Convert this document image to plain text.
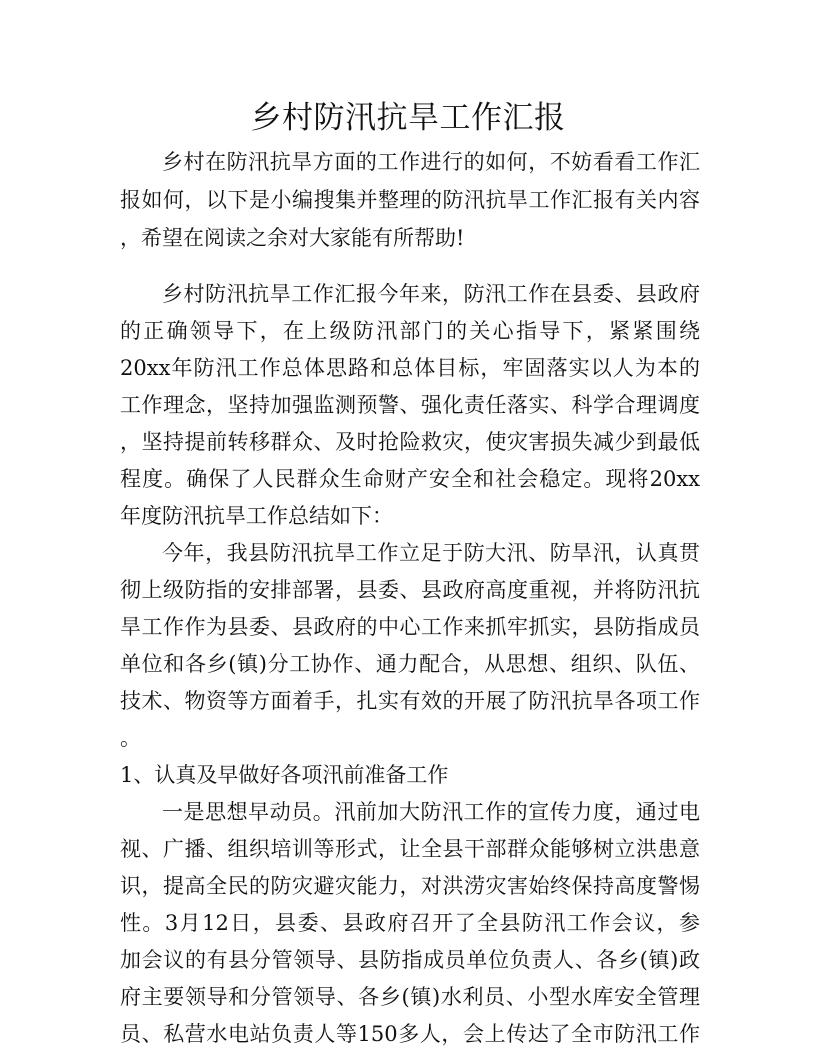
乡村防汛抗旱工作汇报
乡村在防汛抗旱方面的工作进行的如何，不妨看看工作汇
报如何，以下是小编搜集并整理的防汛抗旱工作汇报有关内容
，希望在阅读之余对大家能有所帮助!
乡村防汛抗旱工作汇报今年来，防汛工作在县委、县政府
的正确领导下，在上级防汛部门的关心指导下，紧紧围绕
20xx年防汛工作总体思路和总体目标，牢固落实以人为本的
工作理念，坚持加强监测预警、强化责任落实、科学合理调度
，坚持提前转移群众、及时抢险救灾，使灾害损失减少到最低
程度。确保了人民群众生命财产安全和社会稳定。现将20xx
年度防汛抗旱工作总结如下：
今年，我县防汛抗旱工作立足于防大汛、防旱汛，认真贯
彻上级防指的安排部署，县委、县政府高度重视，并将防汛抗
旱工作作为县委、县政府的中心工作来抓牢抓实，县防指成员
单位和各乡(镇)分工协作、通力配合，从思想、组织、队伍、
技术、物资等方面着手，扎实有效的开展了防汛抗旱各项工作
。
1、认真及早做好各项汛前准备工作
一是思想早动员。汛前加大防汛工作的宣传力度，通过电
视、广播、组织培训等形式，让全县干部群众能够树立洪患意
识，提高全民的防灾避灾能力，对洪涝灾害始终保持高度警惕
性。3月12日，县委、县政府召开了全县防汛工作会议，参
加会议的有县分管领导、县防指成员单位负责人、各乡(镇)政
府主要领导和分管领导、各乡(镇)水利员、小型水库安全管理
员、私营水电站负责人等150多人，会上传达了全市防汛工作
